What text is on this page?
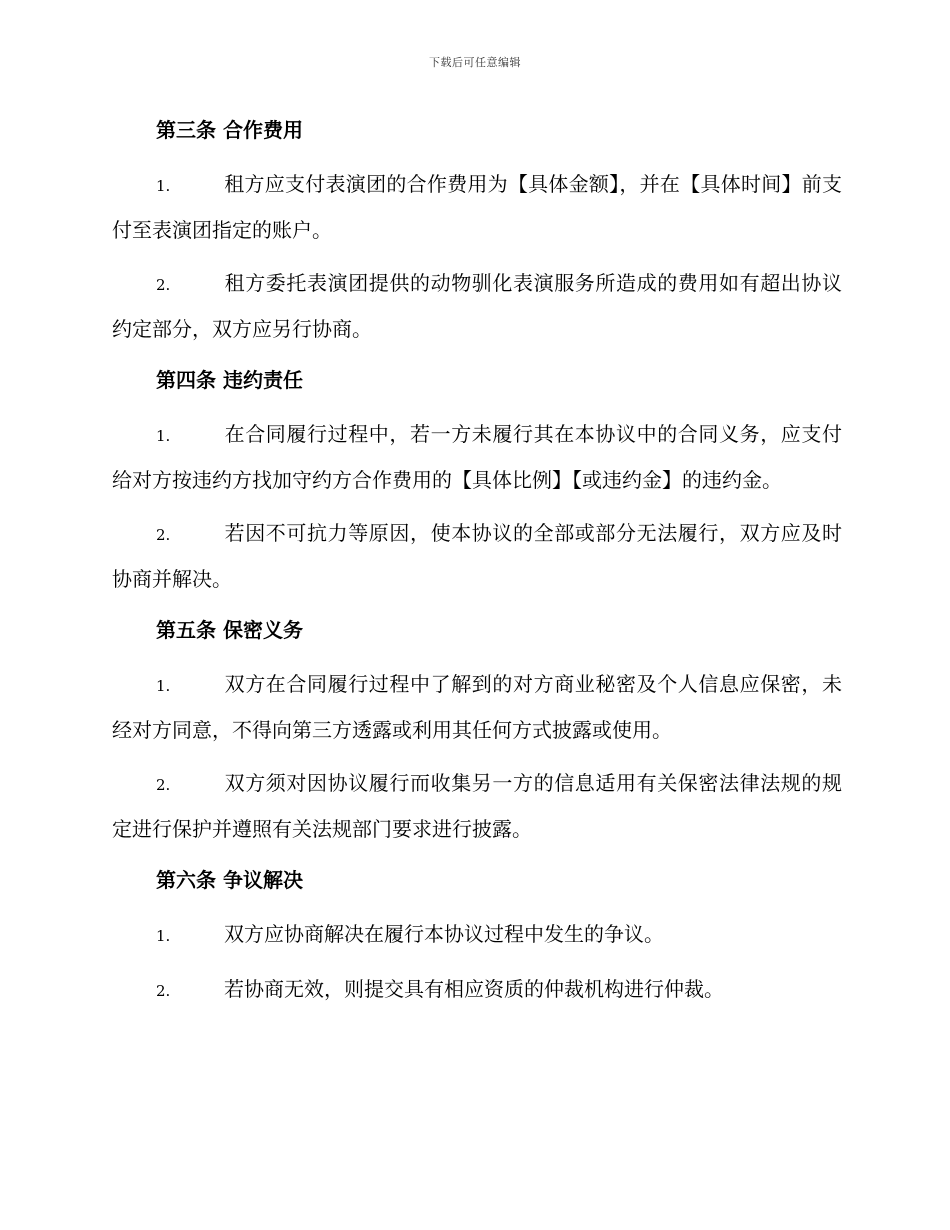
下载后可任意编辑
第三条 合作费用

1.	租方应支付表演团的合作费用为【具体金额】，并在【具体时间】前支付至表演团指定的账户。

2.	租方委托表演团提供的动物驯化表演服务所造成的费用如有超出协议约定部分，双方应另行协商。

第四条 违约责任

1.	在合同履行过程中，若一方未履行其在本协议中的合同义务，应支付给对方按违约方找加守约方合作费用的【具体比例】【或违约金】的违约金。

2.	若因不可抗力等原因，使本协议的全部或部分无法履行，双方应及时协商并解决。

第五条 保密义务

1.	双方在合同履行过程中了解到的对方商业秘密及个人信息应保密，未经对方同意，不得向第三方透露或利用其任何方式披露或使用。

2.	双方须对因协议履行而收集另一方的信息适用有关保密法律法规的规定进行保护并遵照有关法规部门要求进行披露。

第六条 争议解决

1.	双方应协商解决在履行本协议过程中发生的争议。

2.	若协商无效，则提交具有相应资质的仲裁机构进行仲裁。
